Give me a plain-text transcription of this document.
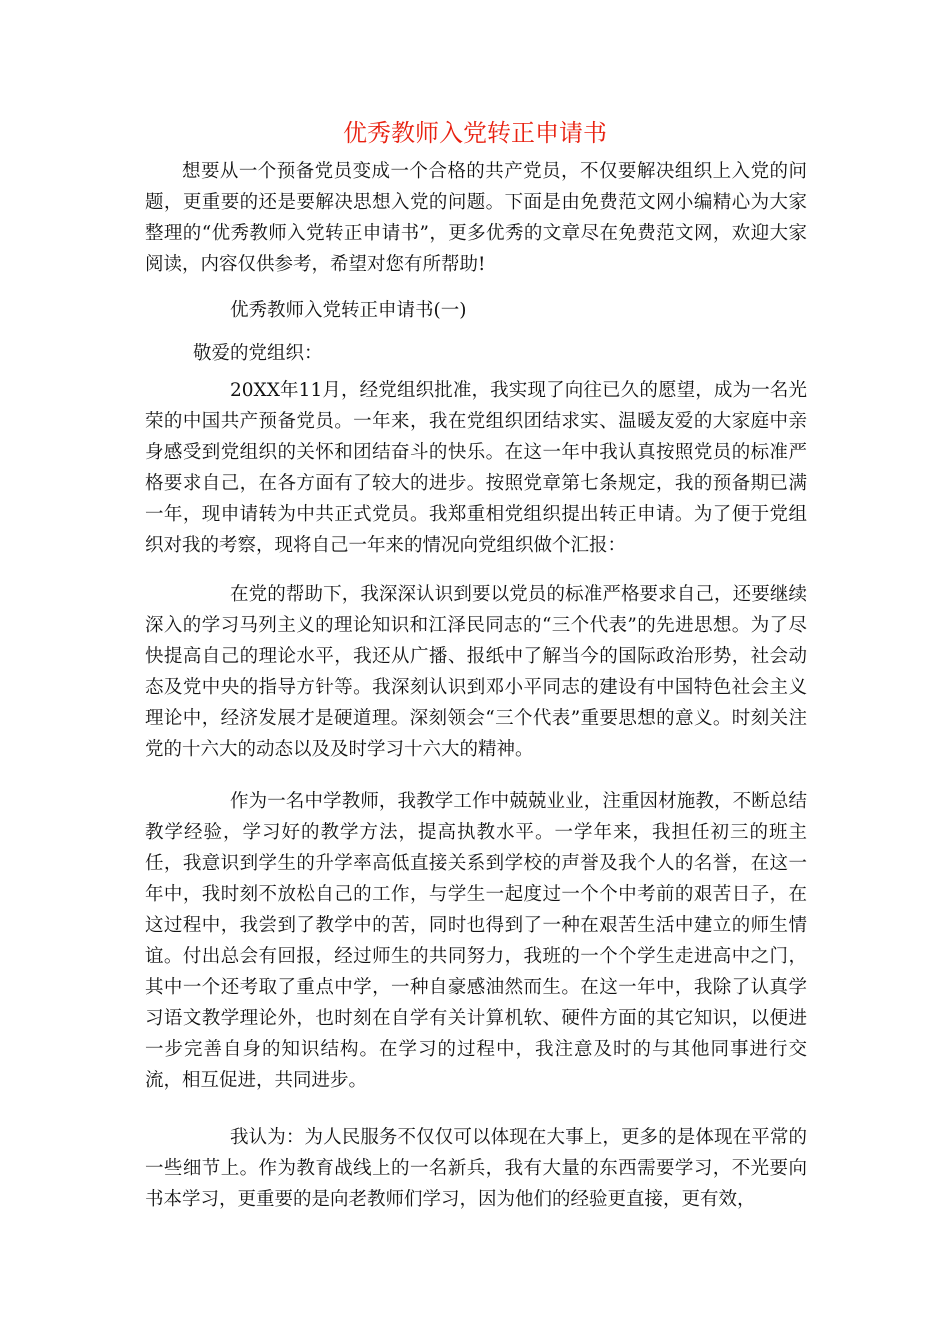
优秀教师入党转正申请书
想要从一个预备党员变成一个合格的共产党员，不仅要解决组织上入党的问题，更重要的还是要解决思想入党的问题。下面是由免费范文网小编精心为大家整理的“优秀教师入党转正申请书”，更多优秀的文章尽在免费范文网，欢迎大家阅读，内容仅供参考，希望对您有所帮助!
优秀教师入党转正申请书(一)
敬爱的党组织：
20XX年11月，经党组织批准，我实现了向往已久的愿望，成为一名光荣的中国共产预备党员。一年来，我在党组织团结求实、温暖友爱的大家庭中亲身感受到党组织的关怀和团结奋斗的快乐。在这一年中我认真按照党员的标准严格要求自己，在各方面有了较大的进步。按照党章第七条规定，我的预备期已满一年，现申请转为中共正式党员。我郑重相党组织提出转正申请。为了便于党组织对我的考察，现将自己一年来的情况向党组织做个汇报：
在党的帮助下，我深深认识到要以党员的标准严格要求自己，还要继续深入的学习马列主义的理论知识和江泽民同志的“三个代表”的先进思想。为了尽快提高自己的理论水平，我还从广播、报纸中了解当今的国际政治形势，社会动态及党中央的指导方针等。我深刻认识到邓小平同志的建设有中国特色社会主义理论中，经济发展才是硬道理。深刻领会“三个代表”重要思想的意义。时刻关注党的十六大的动态以及及时学习十六大的精神。
作为一名中学教师，我教学工作中兢兢业业，注重因材施教，不断总结教学经验，学习好的教学方法，提高执教水平。一学年来，我担任初三的班主任，我意识到学生的升学率高低直接关系到学校的声誉及我个人的名誉，在这一年中，我时刻不放松自己的工作，与学生一起度过一个个中考前的艰苦日子，在这过程中，我尝到了教学中的苦，同时也得到了一种在艰苦生活中建立的师生情谊。付出总会有回报，经过师生的共同努力，我班的一个个学生走进高中之门，其中一个还考取了重点中学，一种自豪感油然而生。在这一年中，我除了认真学习语文教学理论外，也时刻在自学有关计算机软、硬件方面的其它知识，以便进一步完善自身的知识结构。在学习的过程中，我注意及时的与其他同事进行交流，相互促进，共同进步。
我认为：为人民服务不仅仅可以体现在大事上，更多的是体现在平常的一些细节上。作为教育战线上的一名新兵，我有大量的东西需要学习，不光要向书本学习，更重要的是向老教师们学习，因为他们的经验更直接，更有效，
